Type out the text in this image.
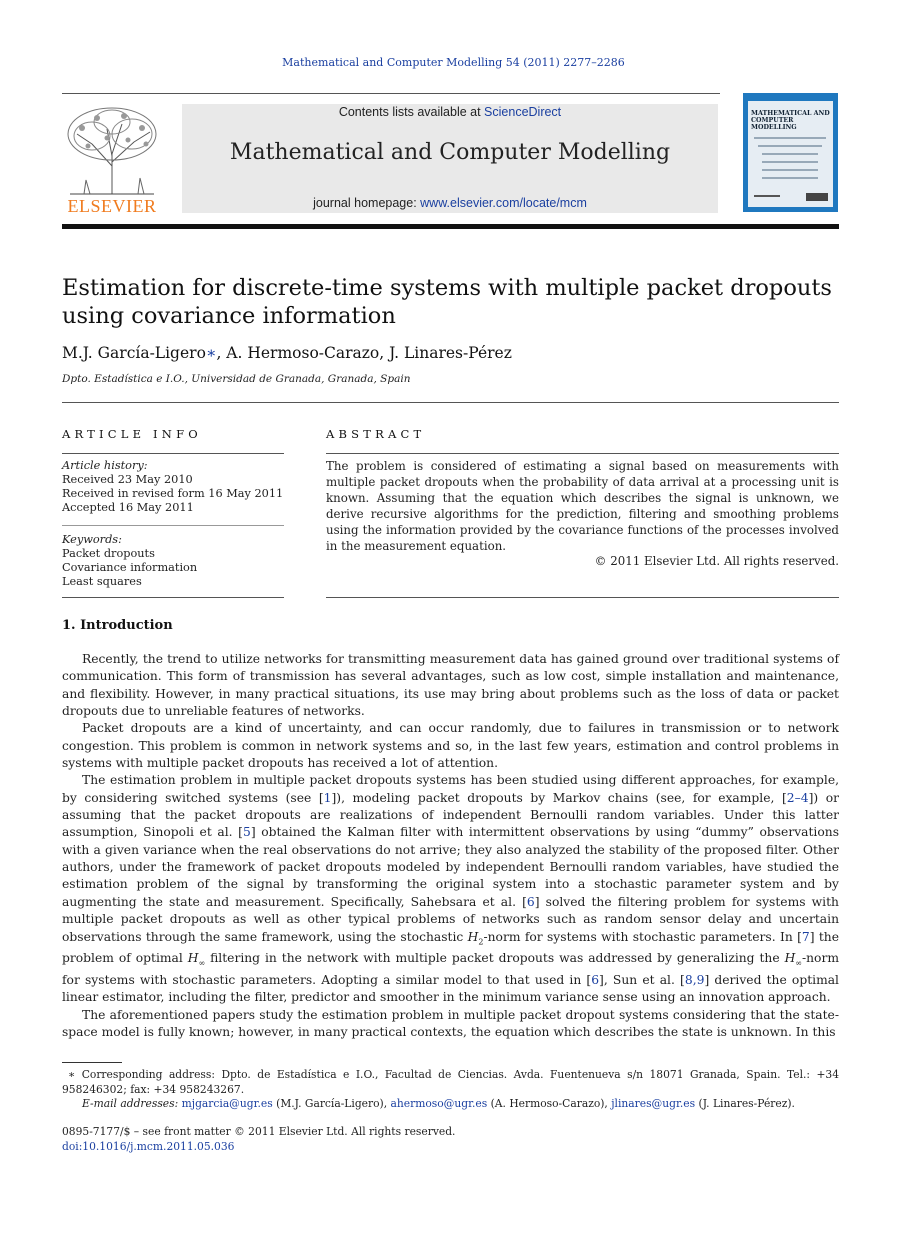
Mathematical and Computer Modelling 54 (2011) 2277–2286
ELSEVIER
Contents lists available at ScienceDirect
Mathematical and Computer Modelling
journal homepage: www.elsevier.com/locate/mcm
MATHEMATICAL AND COMPUTER MODELLING
Estimation for discrete-time systems with multiple packet dropouts using covariance information
M.J. García-Ligero∗, A. Hermoso-Carazo, J. Linares-Pérez
Dpto. Estadística e I.O., Universidad de Granada, Granada, Spain
ARTICLE INFO
Article history:
Received 23 May 2010
Received in revised form 16 May 2011
Accepted 16 May 2011
Keywords:
Packet dropouts
Covariance information
Least squares
ABSTRACT
The problem is considered of estimating a signal based on measurements with multiple packet dropouts when the probability of data arrival at a processing unit is known. Assuming that the equation which describes the signal is unknown, we derive recursive algorithms for the prediction, filtering and smoothing problems using the information provided by the covariance functions of the processes involved in the measurement equation.
© 2011 Elsevier Ltd. All rights reserved.
1. Introduction

Recently, the trend to utilize networks for transmitting measurement data has gained ground over traditional systems of communication. This form of transmission has several advantages, such as low cost, simple installation and maintenance, and flexibility. However, in many practical situations, its use may bring about problems such as the loss of data or packet dropouts due to unreliable features of networks.

Packet dropouts are a kind of uncertainty, and can occur randomly, due to failures in transmission or to network congestion. This problem is common in network systems and so, in the last few years, estimation and control problems in systems with multiple packet dropouts has received a lot of attention.

The estimation problem in multiple packet dropouts systems has been studied using different approaches, for example, by considering switched systems (see [1]), modeling packet dropouts by Markov chains (see, for example, [2–4]) or assuming that the packet dropouts are realizations of independent Bernoulli random variables. Under this latter assumption, Sinopoli et al. [5] obtained the Kalman filter with intermittent observations by using “dummy” observations with a given variance when the real observations do not arrive; they also analyzed the stability of the proposed filter. Other authors, under the framework of packet dropouts modeled by independent Bernoulli random variables, have studied the estimation problem of the signal by transforming the original system into a stochastic parameter system and by augmenting the state and measurement. Specifically, Sahebsara et al. [6] solved the filtering problem for systems with multiple packet dropouts as well as other typical problems of networks such as random sensor delay and uncertain observations through the same framework, using the stochastic $H_2$-norm for systems with stochastic parameters. In [7] the problem of optimal $H_\infty$ filtering in the network with multiple packet dropouts was addressed by generalizing the $H_\infty$-norm for systems with stochastic parameters. Adopting a similar model to that used in [6], Sun et al. [8,9] derived the optimal linear estimator, including the filter, predictor and smoother in the minimum variance sense using an innovation approach.

The aforementioned papers study the estimation problem in multiple packet dropout systems considering that the state-space model is fully known; however, in many practical contexts, the equation which describes the state is unknown. In this

∗ Corresponding address: Dpto. de Estadística e I.O., Facultad de Ciencias. Avda. Fuentenueva s/n 18071 Granada, Spain. Tel.: +34 958246302; fax: +34 958243267.
E-mail addresses: mjgarcia@ugr.es (M.J. García-Ligero), ahermoso@ugr.es (A. Hermoso-Carazo), jlinares@ugr.es (J. Linares-Pérez).
0895-7177/$ – see front matter © 2011 Elsevier Ltd. All rights reserved.
doi:10.1016/j.mcm.2011.05.036
